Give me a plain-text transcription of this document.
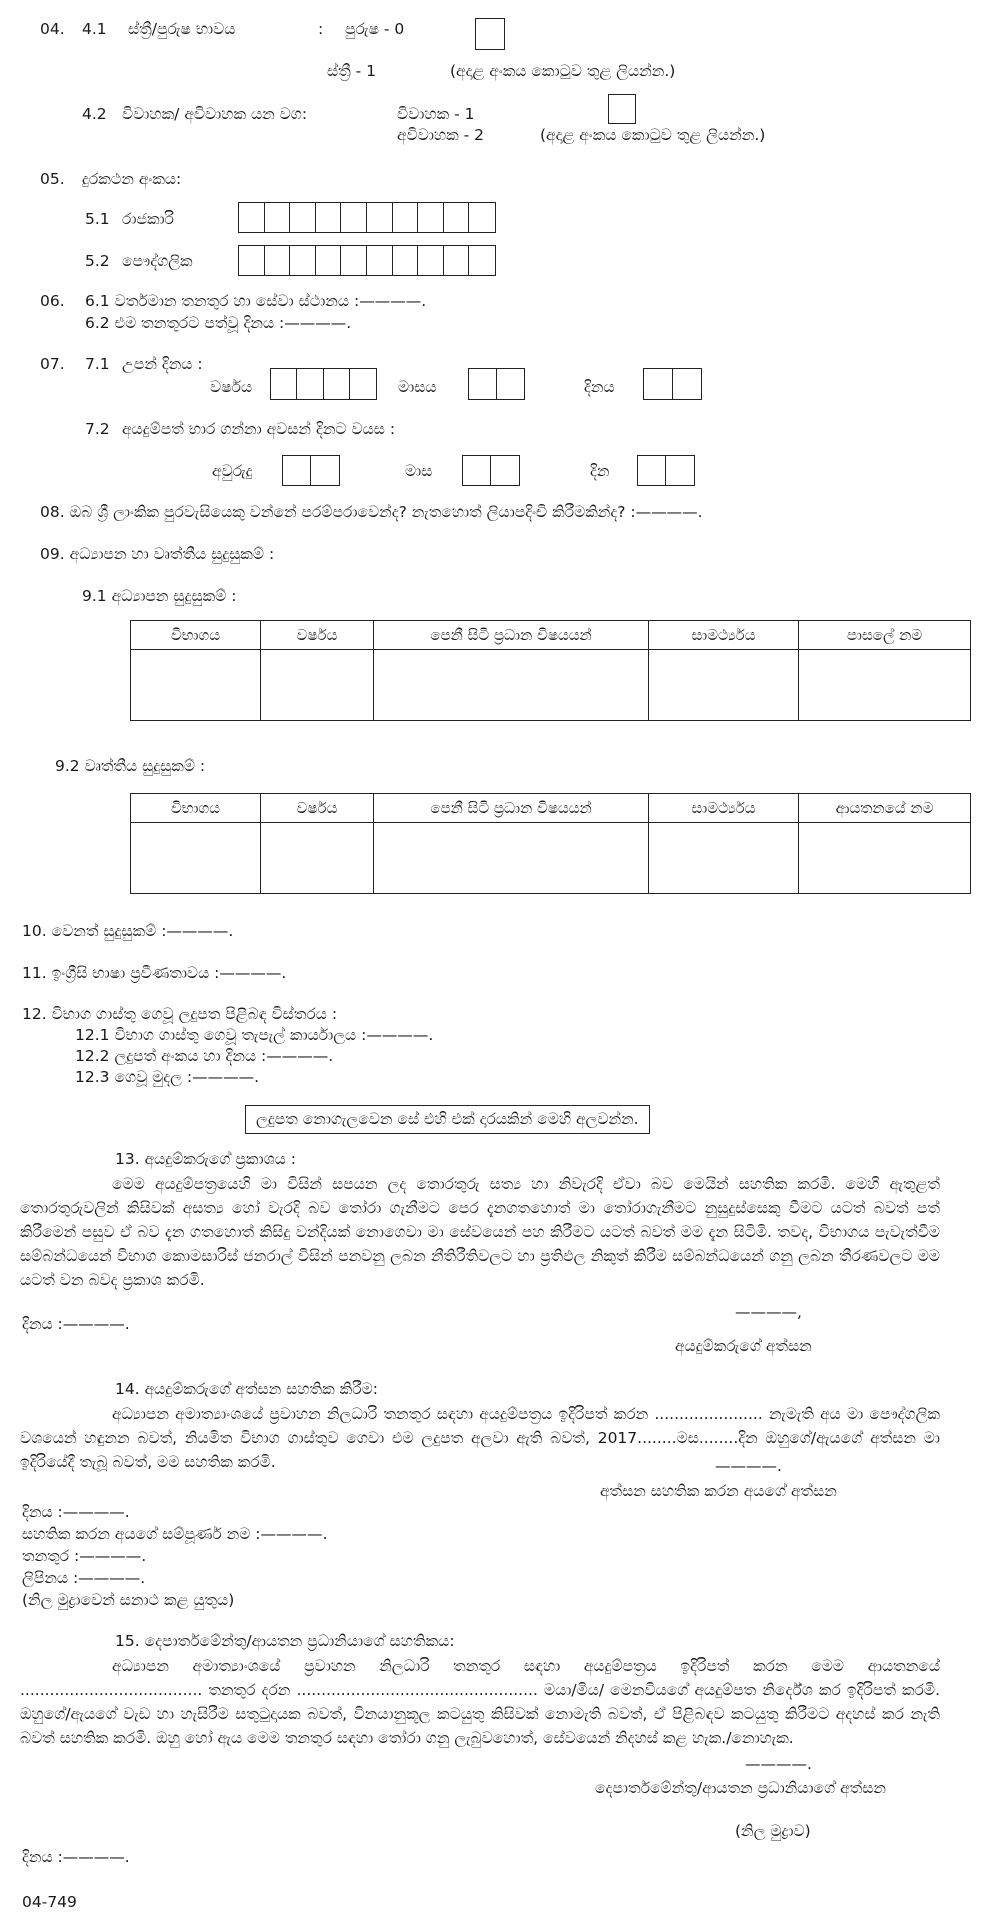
04. 4.1 ස්ත්‍රී/පුරුෂ භාවය	: පුරුෂ - 0
ස්ත්‍රී - 1	(අදාළ අංකය කොටුව තුළ ලියන්න.)
4.2 විවාහක/ අවිවාහක යන වග:	විවාහක - 1
අවිවාහක - 2	(අදාළ අංකය කොටුව තුළ ලියන්න.)
05. දුරකථන අංකය:
5.1 රාජකාරි
5.2 පෞද්ගලික
06. 6.1 වර්තමාන තනතුර හා සේවා ස්ථානය :————.
6.2 එම තනතුරට පත්වූ දිනය :————.
07. 7.1 උපන් දිනය :
වර්ෂය	මාසය	දිනය
7.2 අයදුම්පත් භාර ගන්නා අවසන් දිනට වයස :
අවුරුදු	මාස	දින
08. ඔබ ශ්‍රී ලාංකික පුරවැසියෙකු වන්නේ පරම්පරාවෙන්ද? නැතහොත් ලියාපදිංචි කිරීමකින්ද? :————.
09. අධ්‍යාපන හා වෘත්තීය සුදුසුකම් :
9.1 අධ්‍යාපන සුදුසුකම් :
විභාගය	වර්ෂය	පෙනී සිටි ප්‍රධාන විෂයයන්	සාමර්ථ්‍යය	පාසලේ නම

9.2 වෘත්තීය සුදුසුකම් :
විභාගය	වර්ෂය	පෙනී සිටි ප්‍රධාන විෂයයන්	සාමර්ථ්‍යය	ආයතනයේ නම

10. වෙනත් සුදුසුකම් :————.
11. ඉංග්‍රීසි භාෂා ප්‍රවීණතාවය :————.
12. විභාග ගාස්තු ගෙවූ ලදුපත පිළිබඳ විස්තරය :
12.1 විභාග ගාස්තු ගෙවූ තැපැල් කාර්යාලය :————.
12.2 ලදුපත් අංකය හා දිනය :————.
12.3 ගෙවූ මුදල :————.
ලදුපත නොගැලවෙන සේ එහි එක් දාරයකින් මෙහි අලවන්න.
13. අයදුම්කරුගේ ප්‍රකාශය :
මෙම අයදුම්පත්‍රයෙහි මා විසින් සපයන ලද තොරතුරු සත්‍ය හා නිවැරදි ඒවා බව මෙයින් සහතික කරමි. මෙහි ඇතුළත් තොරතුරුවලින් කිසිවක් අසත්‍ය හෝ වැරදි බව තෝරා ගැනීමට පෙර දැනගතහොත් මා තෝරාගැනීමට නුසුදුස්සෙකු වීමට යටත් බවත් පත් කිරීමෙන් පසුව ඒ බව දැන ගතහොත් කිසිදු වන්දියක් නොගෙවා මා සේවයෙන් පහ කිරීමට යටත් බවත් මම දැන සිටිමි. තවද, විභාගය පැවැත්වීම සම්බන්ධයෙන් විභාග කොමසාරිස් ජනරාල් විසින් පනවනු ලබන නීතිරීතිවලට හා ප්‍රතිඵල නිකුත් කිරීම සම්බන්ධයෙන් ගනු ලබන තීරණවලට මම යටත් වන බවද ප්‍රකාශ කරමි.
දිනය :————.
————,
අයදුම්කරුගේ අත්සන
14. අයදුම්කරුගේ අත්සන සහතික කිරීම:
අධ්‍යාපන අමාත්‍යාංශයේ ප්‍රවාහන නිලධාරි තනතුර සඳහා අයදුම්පත්‍රය ඉදිරිපත් කරන ...................... නැමැති අය මා පෞද්ගලික වශයෙන් හඳුනන බවත්, නියමිත විභාග ගාස්තුව ගෙවා එම ලදුපත අලවා ඇති බවත්, 2017........මස........දින ඔහුගේ/ඇයගේ අත්සන මා ඉදිරියේදී තැබූ බවත්, මම සහතික කරමි.	————.
අත්සන සහතික කරන අයගේ අත්සන
දිනය :————.
සහතික කරන අයගේ සම්පූර්ණ නම :————.
තනතුර :————.
ලිපිනය :————.
(නිල මුද්‍රාවෙන් සනාථ කළ යුතුය)
15. දෙපාර්තමේන්තු/ආයතන ප්‍රධානියාගේ සහතිකය:
අධ්‍යාපන අමාත්‍යාංශයේ ප්‍රවාහන නිලධාරි තනතුර සඳහා අයදුම්පත්‍රය ඉදිරිපත් කරන මෙම ආයතනයේ ..................................... තනතුර දරන ................................................. මයා/මිය/ මෙනවියගේ අයදුම්පත නිර්දේශ කර ඉදිරිපත් කරමි. ඔහුගේ/ඇයගේ වැඩ හා හැසිරීම සතුටුදායක බවත්, විනයානුකූල කටයුතු කිසිවක් නොමැති බවත්, ඒ පිළිබඳව කටයුතු කිරීමට අදහස් කර නැති බවත් සහතික කරමි. ඔහු හෝ ඇය මෙම තනතුර සඳහා තෝරා ගනු ලැබුවහොත්, සේවයෙන් නිදහස් කළ හැක./නොහැක.
————.
දෙපාර්තමේන්තු/ආයතන ප්‍රධානියාගේ අත්සන
(නිල මුද්‍රාව)
දිනය :————.
04-749
